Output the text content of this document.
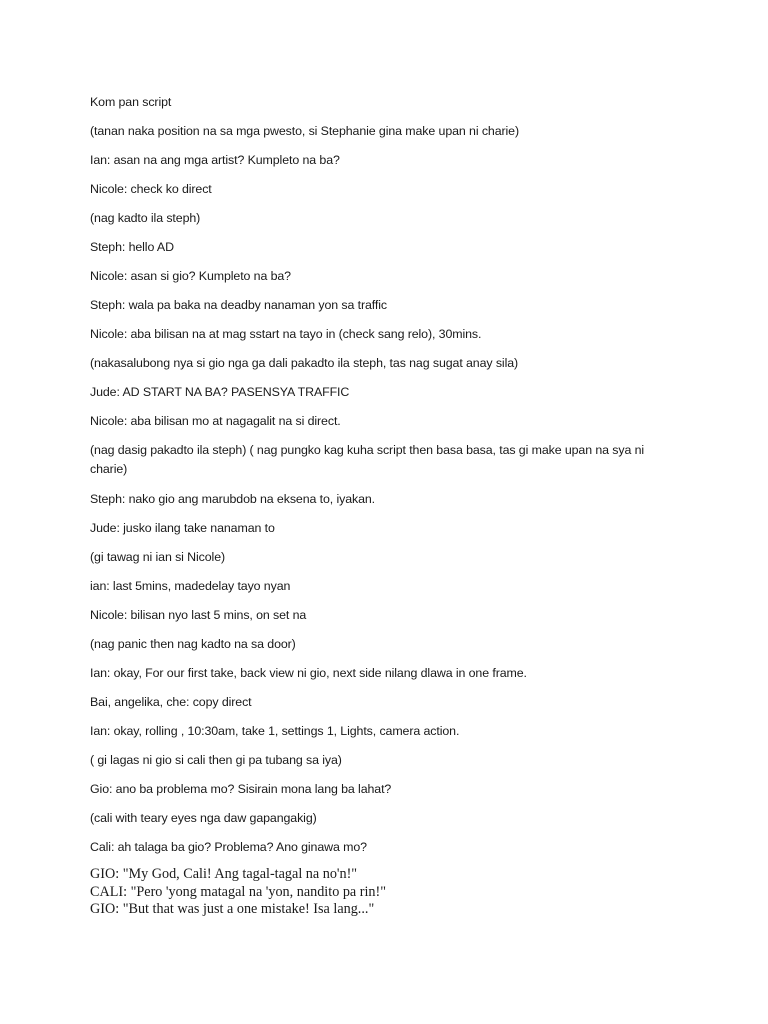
Kom pan script

(tanan naka position na sa mga pwesto, si Stephanie gina make upan ni charie)

Ian: asan na ang mga artist? Kumpleto na ba?

Nicole: check ko direct

(nag kadto ila steph)

Steph: hello AD

Nicole: asan si gio? Kumpleto na ba?

Steph: wala pa baka na deadby nanaman yon sa traffic

Nicole: aba bilisan na at mag sstart na tayo in (check sang relo), 30mins.

(nakasalubong nya si gio nga ga dali pakadto ila steph, tas nag sugat anay sila)

Jude: AD START NA BA? PASENSYA TRAFFIC

Nicole: aba bilisan mo at nagagalit na si direct.

(nag dasig pakadto ila steph) ( nag pungko kag kuha script then basa basa, tas gi make upan na sya ni charie)

Steph: nako gio ang marubdob na eksena to, iyakan.

Jude: jusko ilang take nanaman to

(gi tawag ni ian si Nicole)

ian: last 5mins, madedelay tayo nyan

Nicole: bilisan nyo last 5 mins, on set na

(nag panic then nag kadto na sa door)

Ian: okay, For our first take, back view ni gio, next side nilang dlawa in one frame.

Bai, angelika, che: copy direct

Ian: okay, rolling , 10:30am, take 1, settings 1, Lights, camera action.

( gi lagas ni gio si cali then gi pa tubang sa iya)

Gio: ano ba problema mo? Sisirain mona lang ba lahat?

(cali with teary eyes nga daw gapangakig)

Cali: ah talaga ba gio? Problema? Ano ginawa mo?

GIO: "My God, Cali! Ang tagal-tagal na no'n!"

CALI: "Pero 'yong matagal na 'yon, nandito pa rin!"

GIO: "But that was just a one mistake! Isa lang..."
